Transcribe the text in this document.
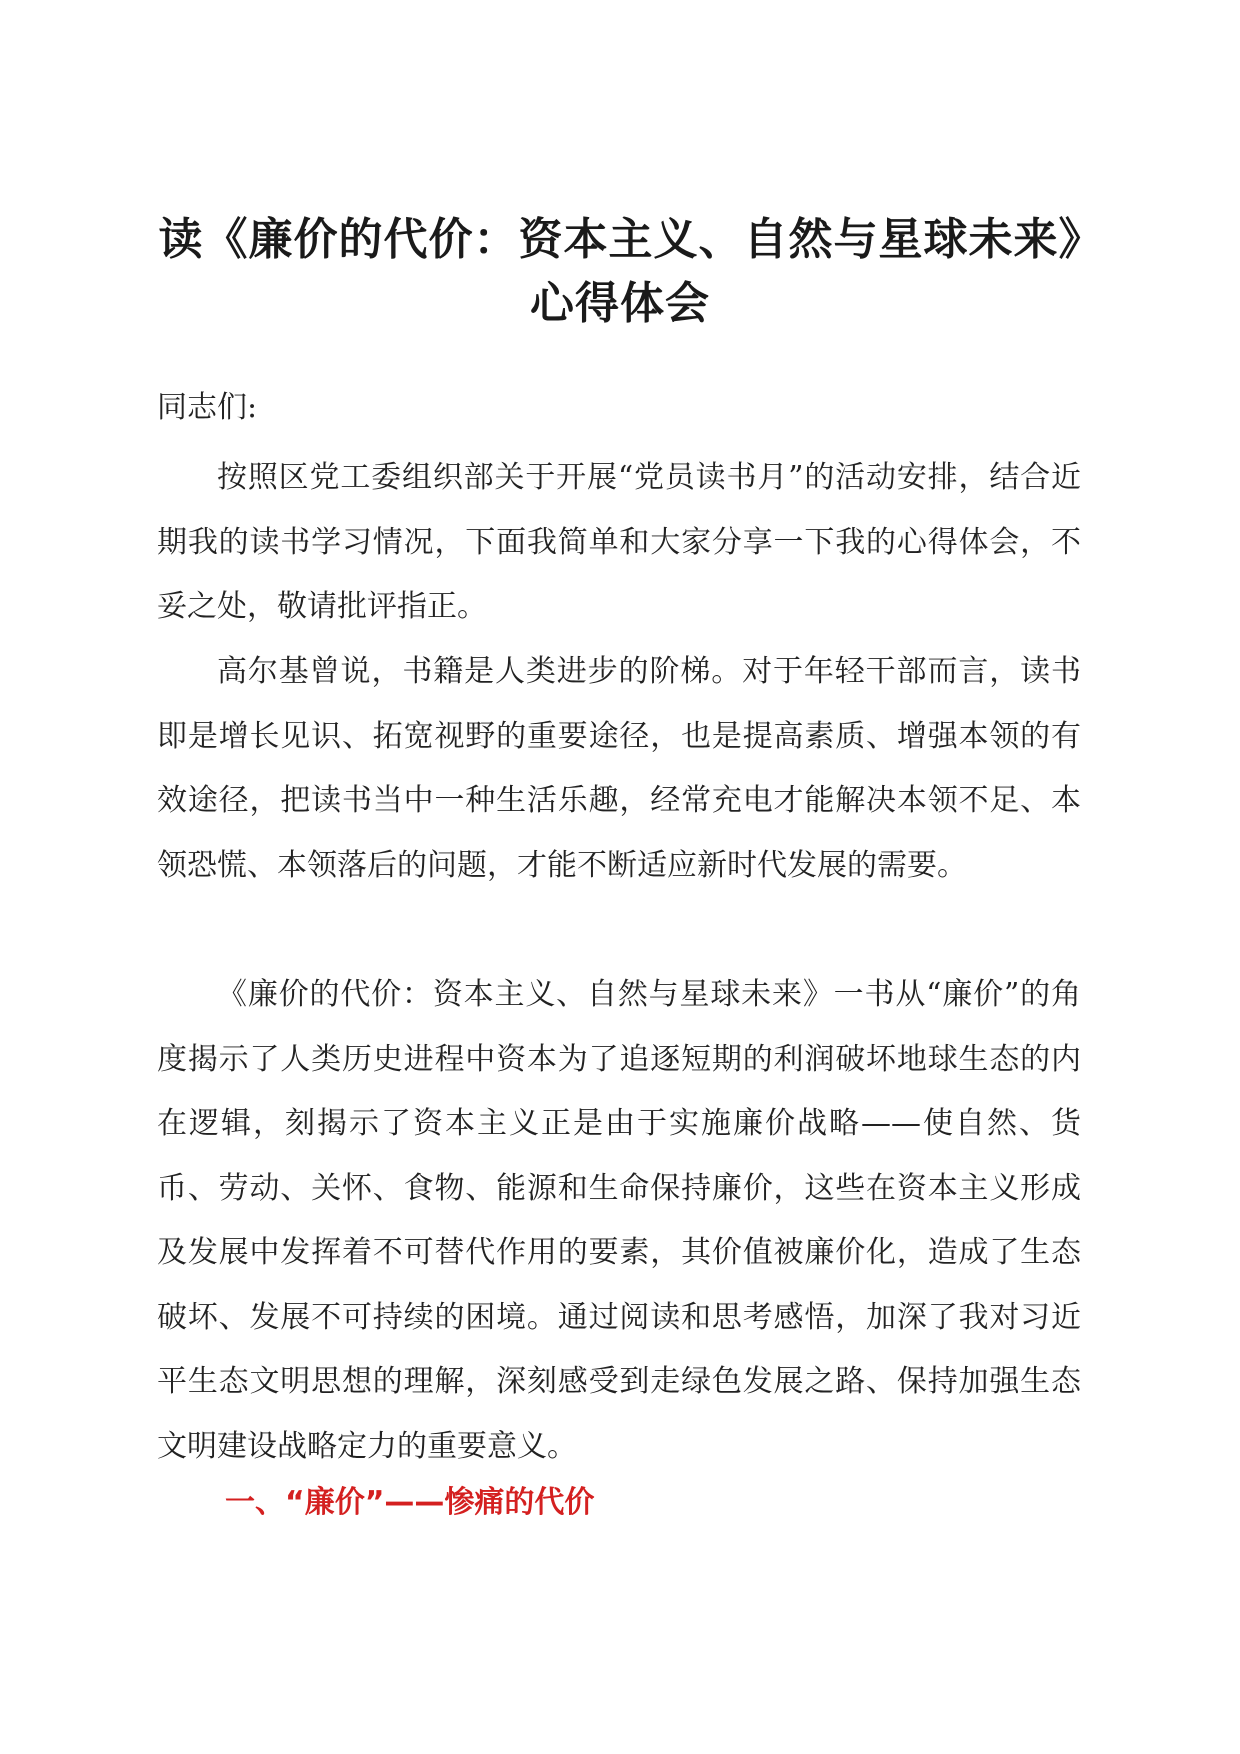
读《廉价的代价：资本主义、自然与星球未来》心得体会

同志们:

按照区党工委组织部关于开展“党员读书月”的活动安排，结合近期我的读书学习情况，下面我简单和大家分享一下我的心得体会，不妥之处，敬请批评指正。

高尔基曾说，书籍是人类进步的阶梯。对于年轻干部而言，读书即是增长见识、拓宽视野的重要途径，也是提高素质、增强本领的有效途径，把读书当中一种生活乐趣，经常充电才能解决本领不足、本领恐慌、本领落后的问题，才能不断适应新时代发展的需要。

《廉价的代价：资本主义、自然与星球未来》一书从“廉价”的角度揭示了人类历史进程中资本为了追逐短期的利润破坏地球生态的内在逻辑，刻揭示了资本主义正是由于实施廉价战略——使自然、货币、劳动、关怀、食物、能源和生命保持廉价，这些在资本主义形成及发展中发挥着不可替代作用的要素，其价值被廉价化，造成了生态破坏、发展不可持续的困境。通过阅读和思考感悟，加深了我对习近平生态文明思想的理解，深刻感受到走绿色发展之路、保持加强生态文明建设战略定力的重要意义。

一、“廉价”——惨痛的代价
